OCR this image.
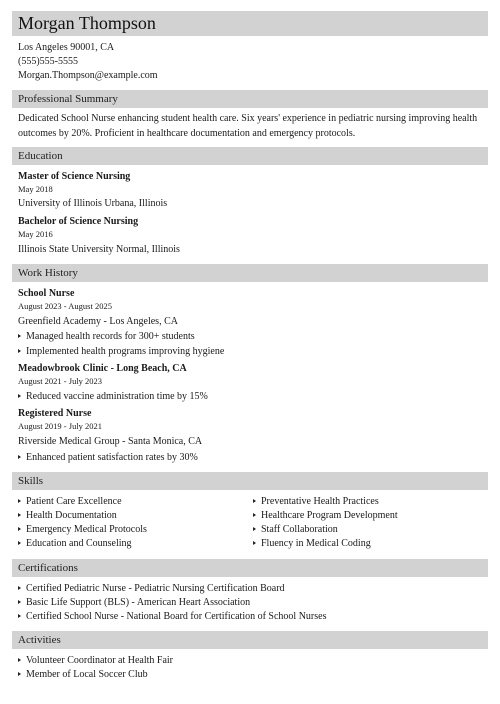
Morgan Thompson
Los Angeles 90001, CA
(555)555-5555
Morgan.Thompson@example.com
Professional Summary
Dedicated School Nurse enhancing student health care. Six years' experience in pediatric nursing improving health outcomes by 20%. Proficient in healthcare documentation and emergency protocols.
Education
Master of Science Nursing
May 2018
University of Illinois Urbana, Illinois
Bachelor of Science Nursing
May 2016
Illinois State University Normal, Illinois
Work History
School Nurse
August 2023 - August 2025
Greenfield Academy - Los Angeles, CA
Managed health records for 300+ students
Implemented health programs improving hygiene
Meadowbrook Clinic - Long Beach, CA
August 2021 - July 2023
Reduced vaccine administration time by 15%
Registered Nurse
August 2019 - July 2021
Riverside Medical Group - Santa Monica, CA
Enhanced patient satisfaction rates by 30%
Skills
Patient Care Excellence
Health Documentation
Emergency Medical Protocols
Education and Counseling
Preventative Health Practices
Healthcare Program Development
Staff Collaboration
Fluency in Medical Coding
Certifications
Certified Pediatric Nurse - Pediatric Nursing Certification Board
Basic Life Support (BLS) - American Heart Association
Certified School Nurse - National Board for Certification of School Nurses
Activities
Volunteer Coordinator at Health Fair
Member of Local Soccer Club
